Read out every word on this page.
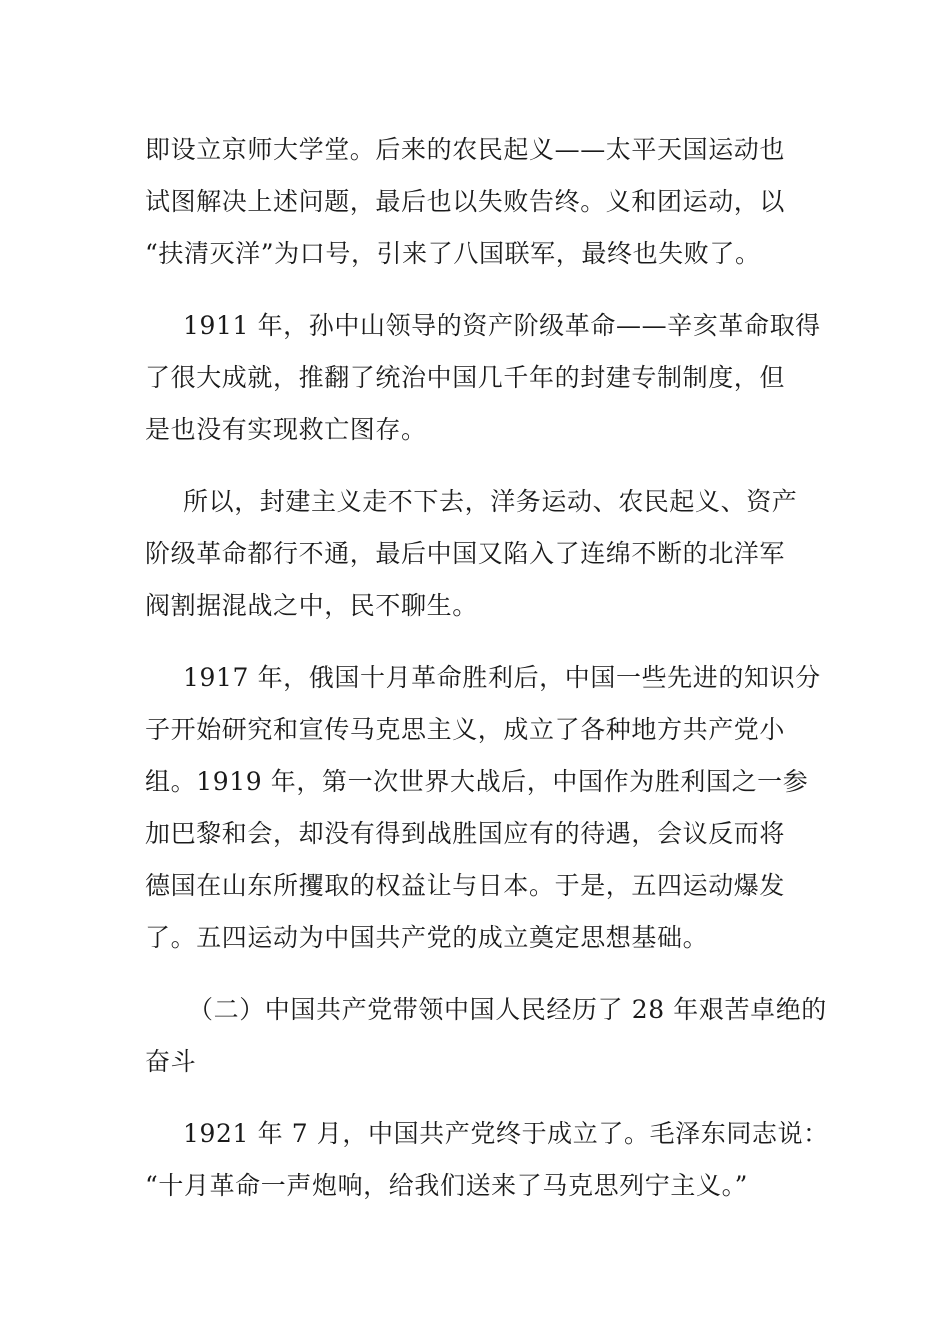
即设立京师大学堂。后来的农民起义——太平天国运动也
试图解决上述问题，最后也以失败告终。义和团运动，以
“扶清灭洋”为口号，引来了八国联军，最终也失败了。

1911 年，孙中山领导的资产阶级革命——辛亥革命取得
了很大成就，推翻了统治中国几千年的封建专制制度，但
是也没有实现救亡图存。

所以，封建主义走不下去，洋务运动、农民起义、资产
阶级革命都行不通，最后中国又陷入了连绵不断的北洋军
阀割据混战之中，民不聊生。

1917 年，俄国十月革命胜利后，中国一些先进的知识分
子开始研究和宣传马克思主义，成立了各种地方共产党小
组。1919 年，第一次世界大战后，中国作为胜利国之一参
加巴黎和会，却没有得到战胜国应有的待遇，会议反而将
德国在山东所攫取的权益让与日本。于是，五四运动爆发
了。五四运动为中国共产党的成立奠定思想基础。

（二）中国共产党带领中国人民经历了 28 年艰苦卓绝的
奋斗

1921 年 7 月，中国共产党终于成立了。毛泽东同志说：
“十月革命一声炮响，给我们送来了马克思列宁主义。”
